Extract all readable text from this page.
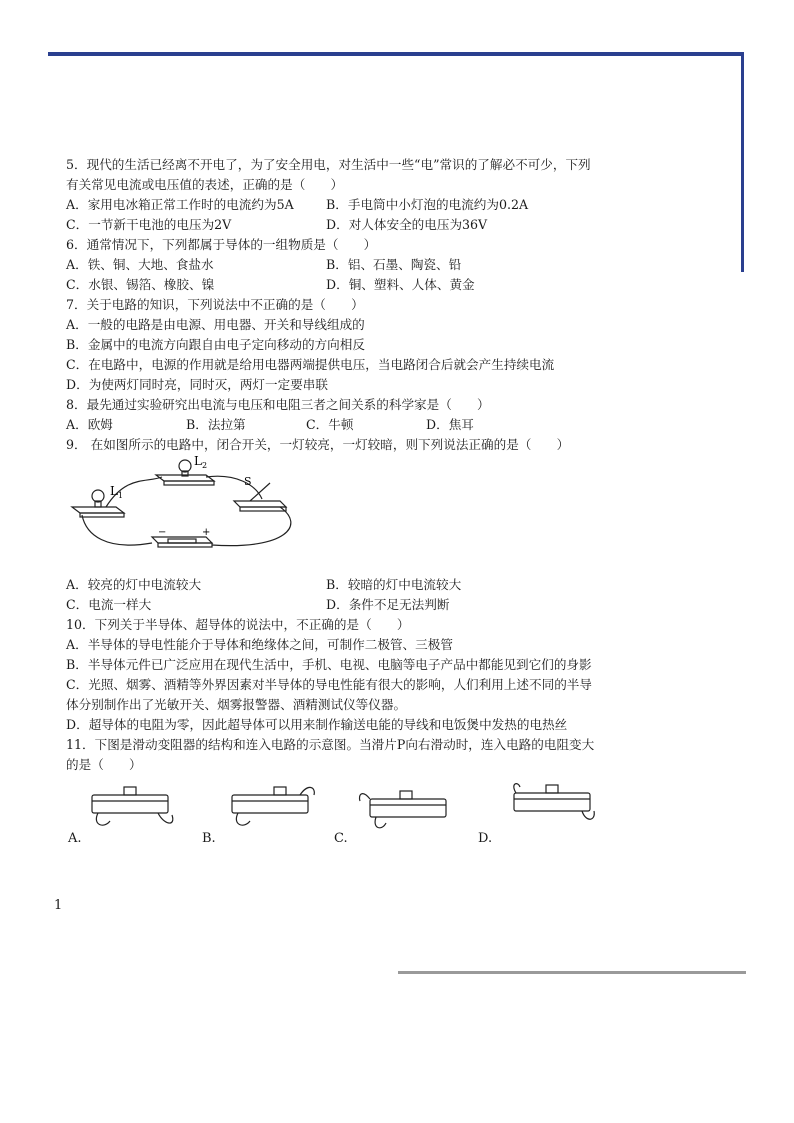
1
5．现代的生活已经离不开电了，为了安全用电，对生活中一些“电”常识的了解必不可少，下列
有关常见电流或电压值的表述，正确的是（　　）
A．家用电冰箱正常工作时的电流约为5A	B．手电筒中小灯泡的电流约为0.2A
C．一节新干电池的电压为2V	D．对人体安全的电压为36V
6．通常情况下，下列都属于导体的一组物质是（　　）
A．铁、铜、大地、食盐水	B．铝、石墨、陶瓷、铅
C．水银、锡箔、橡胶、镍	D．铜、塑料、人体、黄金
7．关于电路的知识，下列说法中不正确的是（　　）
A．一般的电路是由电源、用电器、开关和导线组成的
B．金属中的电流方向跟自由电子定向移动的方向相反
C．在电路中，电源的作用就是给用电器两端提供电压，当电路闭合后就会产生持续电流
D．为使两灯同时亮，同时灭，两灯一定要串联
8．最先通过实验研究出电流与电压和电阻三者之间关系的科学家是（　　）
A．欧姆	B．法拉第	C．牛顿	D．焦耳
9． 在如图所示的电路中，闭合开关，一灯较亮，一灯较暗，则下列说法正确的是（　　）
$L_2$
$L_1$
S
−	+
A．较亮的灯中电流较大	B．较暗的灯中电流较大
C．电流一样大	D．条件不足无法判断
10．下列关于半导体、超导体的说法中，不正确的是（　　）
A．半导体的导电性能介于导体和绝缘体之间，可制作二极管、三极管
B．半导体元件已广泛应用在现代生活中，手机、电视、电脑等电子产品中都能见到它们的身影
C．光照、烟雾、酒精等外界因素对半导体的导电性能有很大的影响，人们利用上述不同的半导
体分别制作出了光敏开关、烟雾报警器、酒精测试仪等仪器。
D．超导体的电阻为零，因此超导体可以用来制作输送电能的导线和电饭煲中发热的电热丝
11．下图是滑动变阻器的结构和连入电路的示意图。当滑片P向右滑动时，连入电路的电阻变大
的是（　　）
A.	B.	C.	D.
